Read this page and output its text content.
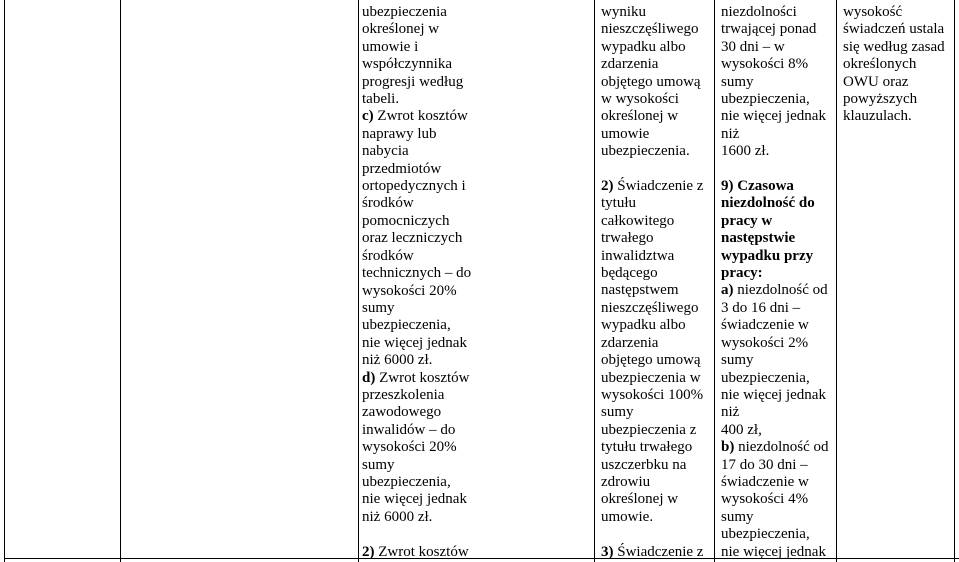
ubezpieczenia
określonej w
umowie i
współczynnika
progresji według
tabeli.
c) Zwrot kosztów
naprawy lub
nabycia
przedmiotów
ortopedycznych i
środków
pomocniczych
oraz leczniczych
środków
technicznych – do
wysokości 20%
sumy
ubezpieczenia,
nie więcej jednak
niż 6000 zł.
d) Zwrot kosztów
przeszkolenia
zawodowego
inwalidów – do
wysokości 20%
sumy
ubezpieczenia,
nie więcej jednak
niż 6000 zł.
2) Zwrot kosztów
wyniku
nieszczęśliwego
wypadku albo
zdarzenia
objętego umową
w wysokości
określonej w
umowie
ubezpieczenia.
2) Świadczenie z
tytułu
całkowitego
trwałego
inwalidztwa
będącego
następstwem
nieszczęśliwego
wypadku albo
zdarzenia
objętego umową
ubezpieczenia w
wysokości 100%
sumy
ubezpieczenia z
tytułu trwałego
uszczerbku na
zdrowiu
określonej w
umowie.
3) Świadczenie z
niezdolności
trwającej ponad
30 dni – w
wysokości 8%
sumy
ubezpieczenia,
nie więcej jednak
niż
1600 zł.
9) Czasowa
niezdolność do
pracy w
następstwie
wypadku przy
pracy:
a) niezdolność od
3 do 16 dni –
świadczenie w
wysokości 2%
sumy
ubezpieczenia,
nie więcej jednak
niż
400 zł,
b) niezdolność od
17 do 30 dni –
świadczenie w
wysokości 4%
sumy
ubezpieczenia,
nie więcej jednak
wysokość
świadczeń ustala
się według zasad
określonych
OWU oraz
powyższych
klauzulach.
